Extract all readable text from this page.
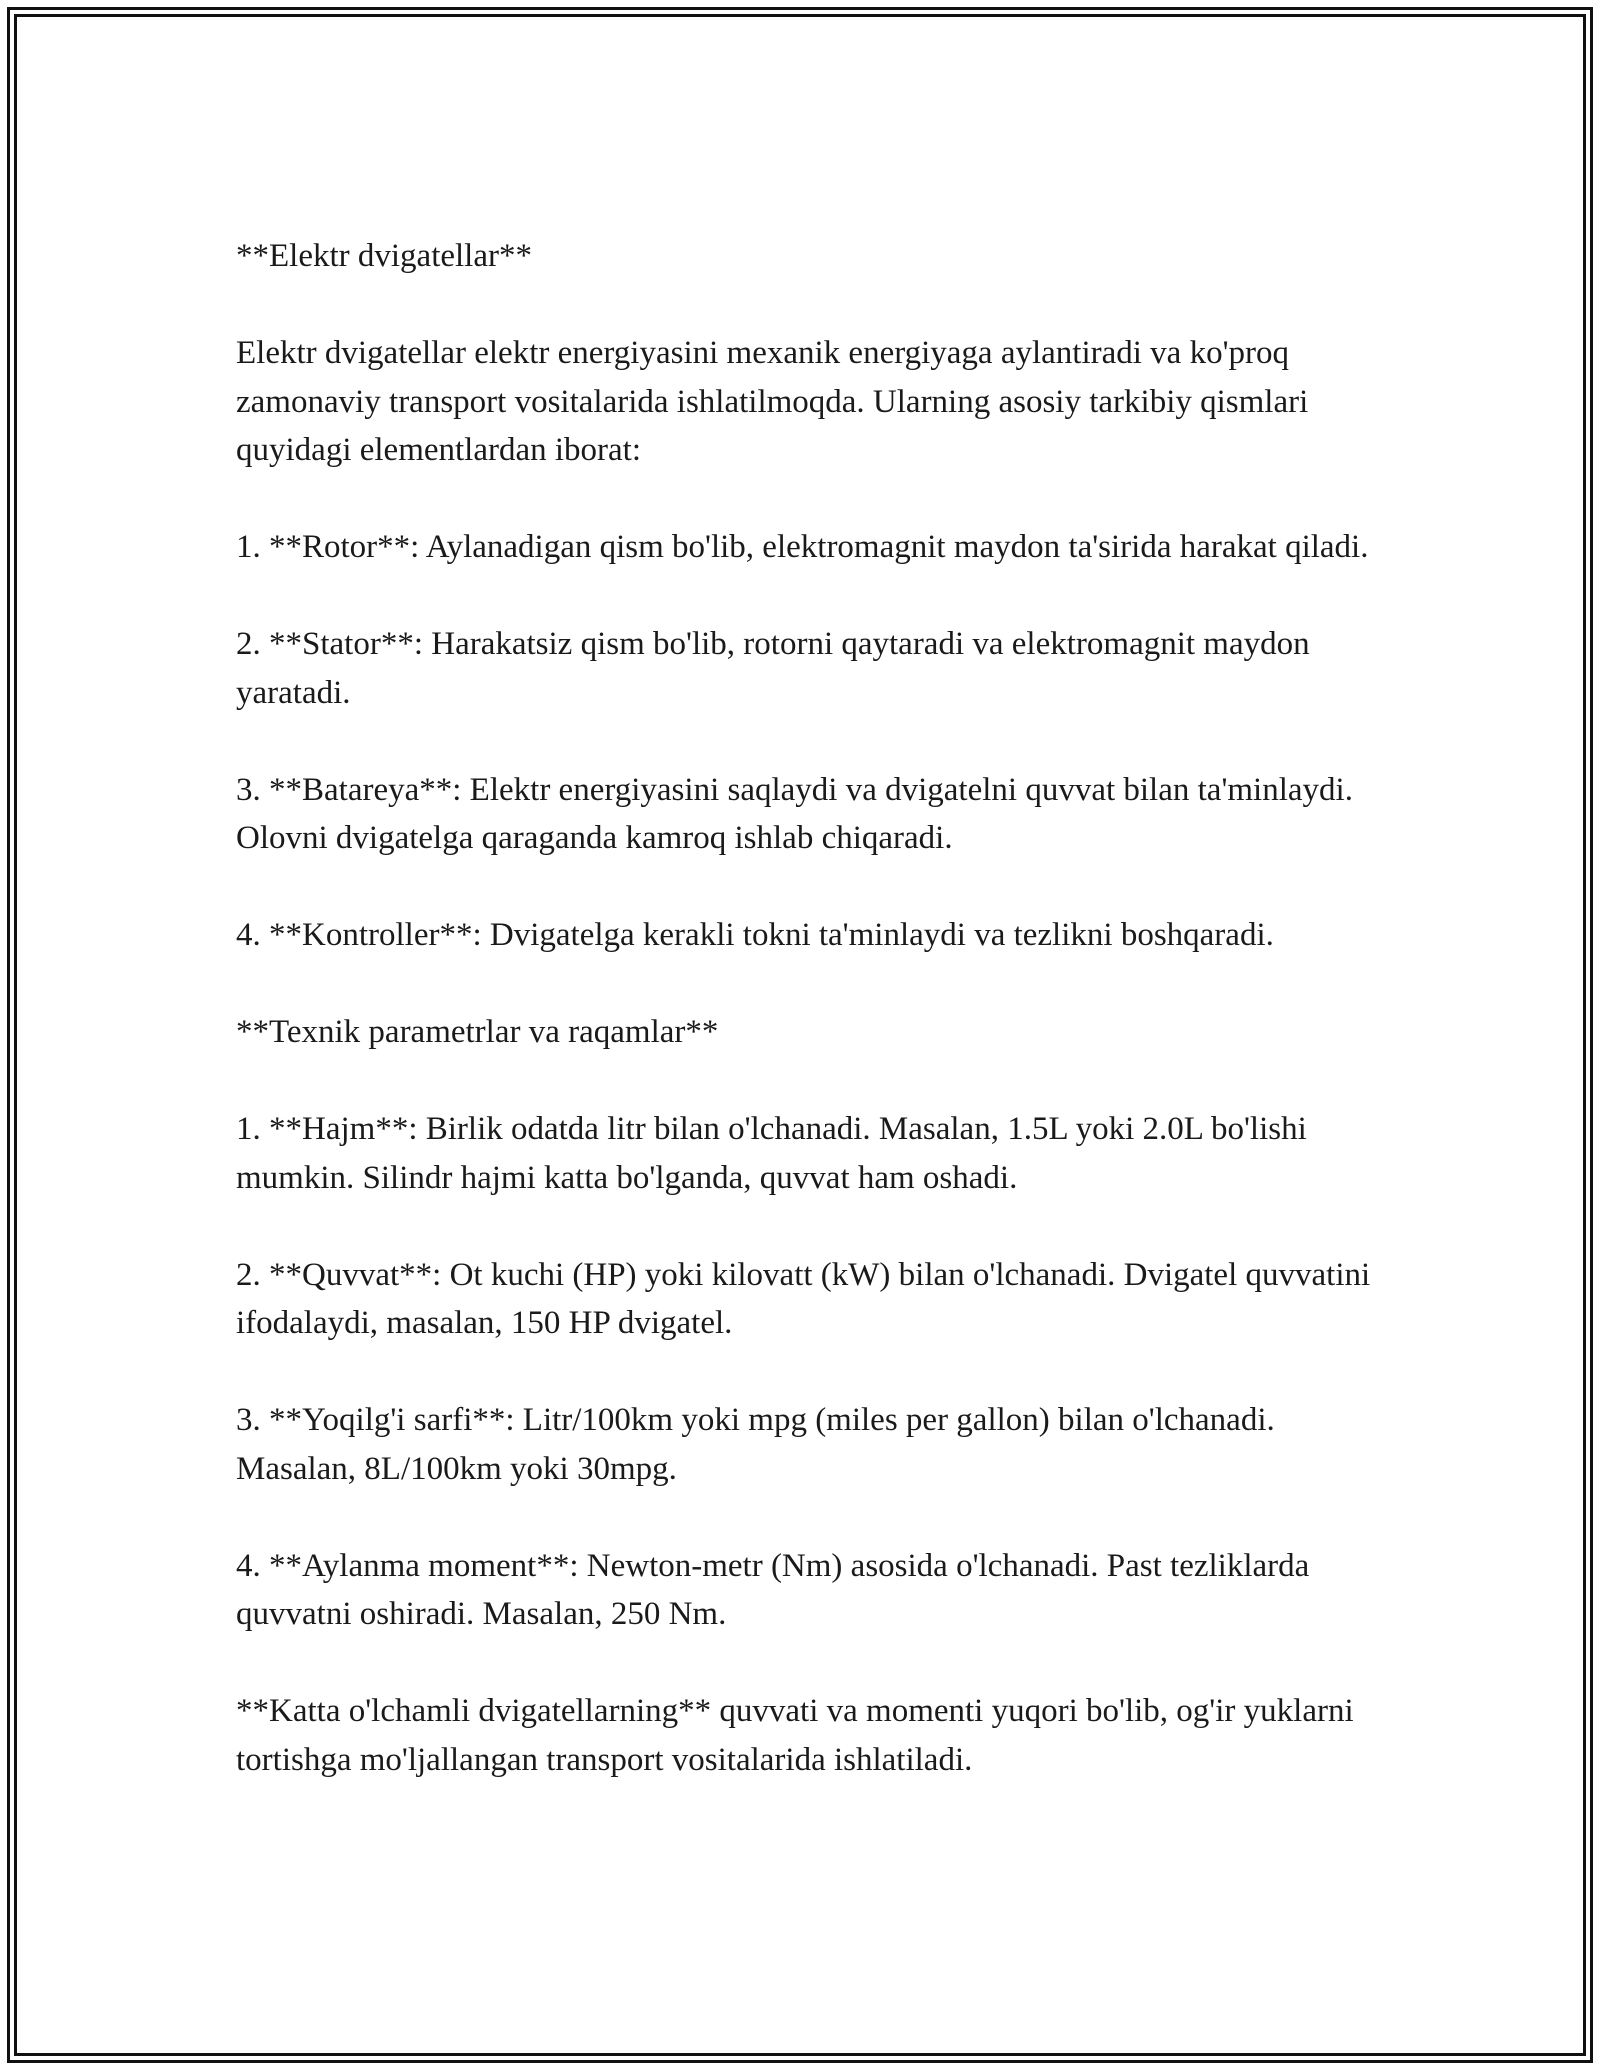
**Elektr dvigatellar**

Elektr dvigatellar elektr energiyasini mexanik energiyaga aylantiradi va ko'proq zamonaviy transport vositalarida ishlatilmoqda. Ularning asosiy tarkibiy qismlari quyidagi elementlardan iborat:

1. **Rotor**: Aylanadigan qism bo'lib, elektromagnit maydon ta'sirida harakat qiladi.

2. **Stator**: Harakatsiz qism bo'lib, rotorni qaytaradi va elektromagnit maydon yaratadi.

3. **Batareya**: Elektr energiyasini saqlaydi va dvigatelni quvvat bilan ta'minlaydi. Olovni dvigatelga qaraganda kamroq ishlab chiqaradi.

4. **Kontroller**: Dvigatelga kerakli tokni ta'minlaydi va tezlikni boshqaradi.

**Texnik parametrlar va raqamlar**

1. **Hajm**: Birlik odatda litr bilan o'lchanadi. Masalan, 1.5L yoki 2.0L bo'lishi mumkin. Silindr hajmi katta bo'lganda, quvvat ham oshadi.

2. **Quvvat**: Ot kuchi (HP) yoki kilovatt (kW) bilan o'lchanadi. Dvigatel quvvatini ifodalaydi, masalan, 150 HP dvigatel.

3. **Yoqilg'i sarfi**: Litr/100km yoki mpg (miles per gallon) bilan o'lchanadi. Masalan, 8L/100km yoki 30mpg.

4. **Aylanma moment**: Newton-metr (Nm) asosida o'lchanadi. Past tezliklarda quvvatni oshiradi. Masalan, 250 Nm.

**Katta o'lchamli dvigatellarning** quvvati va momenti yuqori bo'lib, og'ir yuklarni tortishga mo'ljallangan transport vositalarida ishlatiladi.
